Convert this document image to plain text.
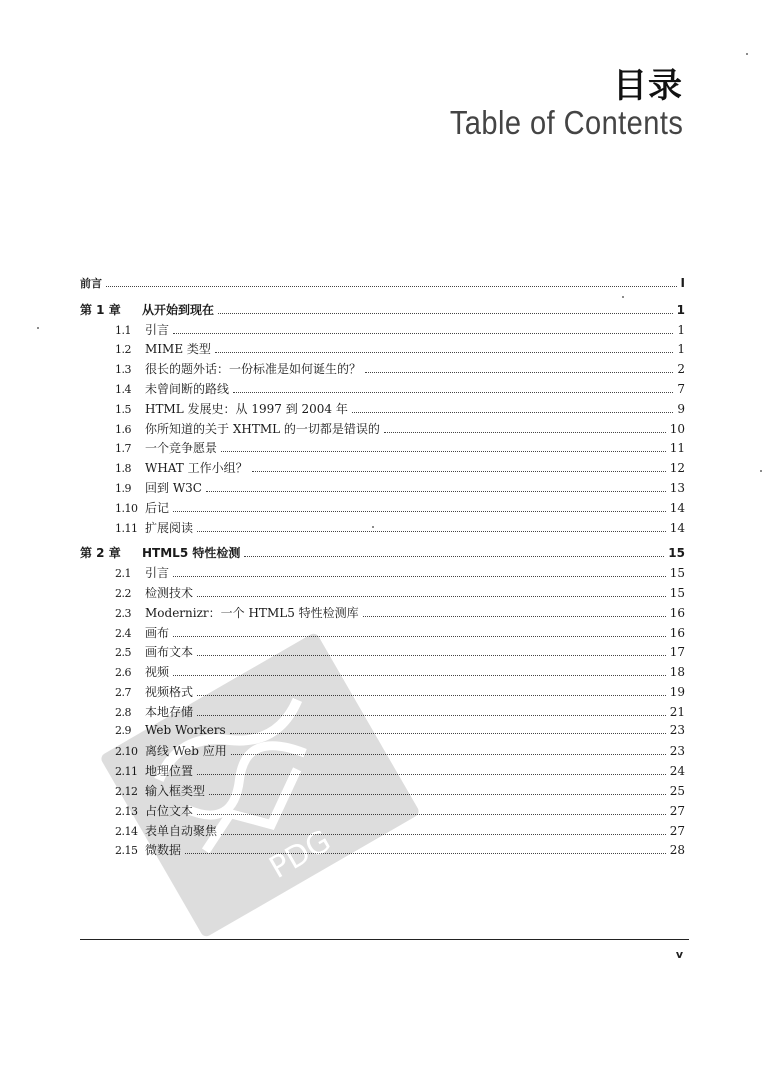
目录
Table of Contents
前言	I
第 1 章	从开始到现在	1
1.1	引言	1
1.2	MIME 类型	1
1.3	很长的题外话：一份标准是如何诞生的？	2
1.4	未曾间断的路线	7
1.5	HTML 发展史：从 1997 到 2004 年	9
1.6	你所知道的关于 XHTML 的一切都是错误的	10
1.7	一个竞争愿景	11
1.8	WHAT 工作小组？	12
1.9	回到 W3C	13
1.10 后记	14
1.11 扩展阅读	14
第 2 章	HTML5 特性检测	15
2.1	引言	15
2.2	检测技术	15
2.3	Modernizr：一个 HTML5 特性检测库	16
2.4	画布	16
2.5	画布文本	17
2.6	视频	18
2.7	视频格式	19
2.8	本地存储	21
2.9	Web Workers	23
2.10 离线 Web 应用	23
2.11 地理位置	24
2.12 输入框类型	25
2.13 占位文本	27
2.14 表单自动聚焦	27
2.15 微数据	28
v
PDG
